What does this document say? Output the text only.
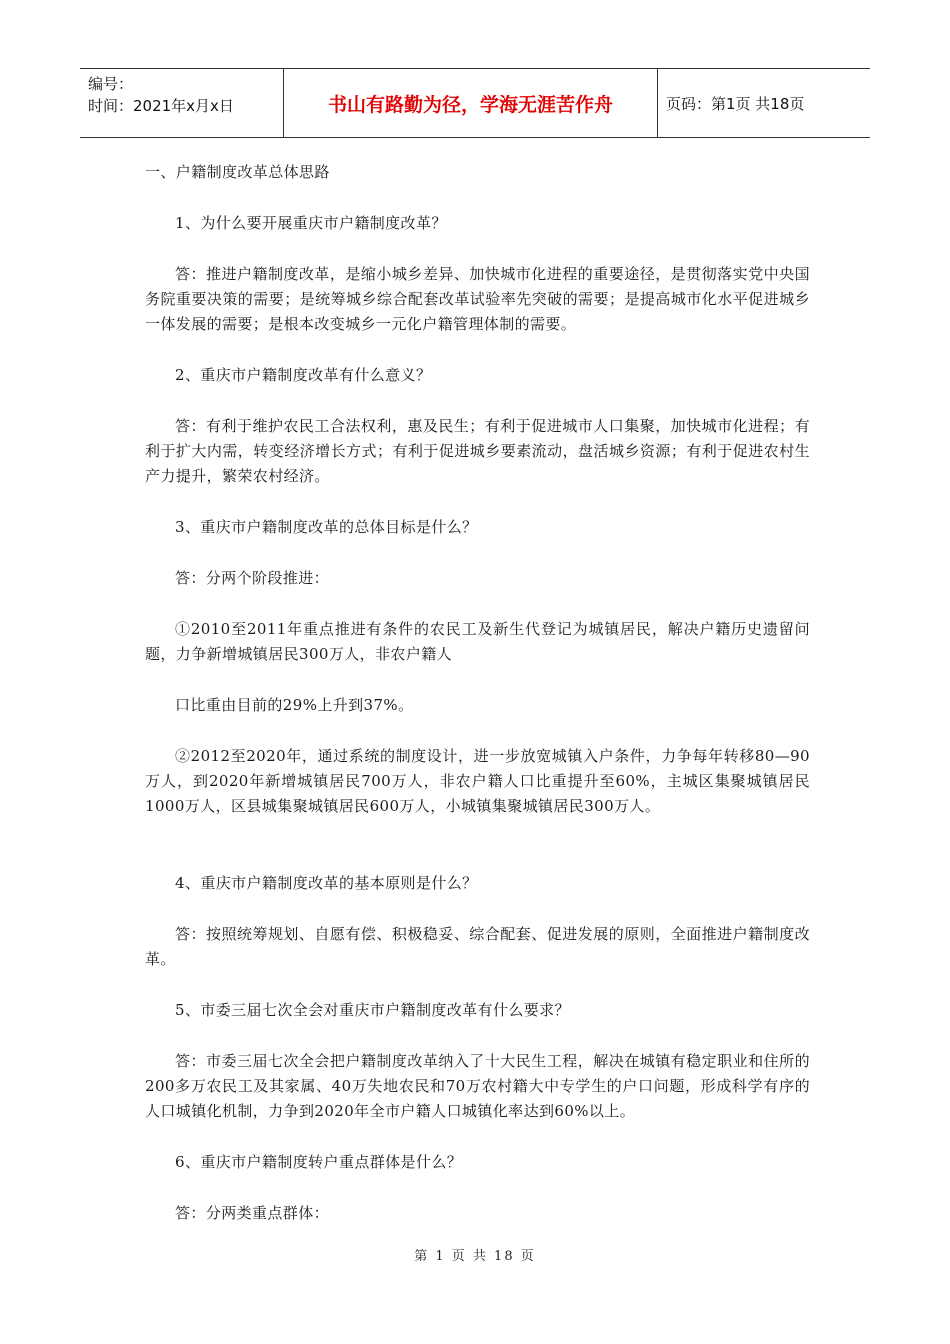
编号：
时间：2021年x月x日	书山有路勤为径，学海无涯苦作舟	页码：第1页 共18页

一、户籍制度改革总体思路

1、为什么要开展重庆市户籍制度改革？

答：推进户籍制度改革，是缩小城乡差异、加快城市化进程的重要途径，是贯彻落实党中央国务院重要决策的需要；是统筹城乡综合配套改革试验率先突破的需要；是提高城市化水平促进城乡一体发展的需要；是根本改变城乡一元化户籍管理体制的需要。

2、重庆市户籍制度改革有什么意义？

答：有利于维护农民工合法权利，惠及民生；有利于促进城市人口集聚，加快城市化进程；有利于扩大内需，转变经济增长方式；有利于促进城乡要素流动，盘活城乡资源；有利于促进农村生产力提升，繁荣农村经济。

3、重庆市户籍制度改革的总体目标是什么？

答：分两个阶段推进：

①2010至2011年重点推进有条件的农民工及新生代登记为城镇居民，解决户籍历史遗留问题，力争新增城镇居民300万人，非农户籍人

口比重由目前的29%上升到37%。

②2012至2020年，通过系统的制度设计，进一步放宽城镇入户条件，力争每年转移80—90万人，到2020年新增城镇居民700万人，非农户籍人口比重提升至60%，主城区集聚城镇居民1000万人，区县城集聚城镇居民600万人，小城镇集聚城镇居民300万人。

4、重庆市户籍制度改革的基本原则是什么？

答：按照统筹规划、自愿有偿、积极稳妥、综合配套、促进发展的原则，全面推进户籍制度改革。

5、市委三届七次全会对重庆市户籍制度改革有什么要求？

答：市委三届七次全会把户籍制度改革纳入了十大民生工程，解决在城镇有稳定职业和住所的200多万农民工及其家属、40万失地农民和70万农村籍大中专学生的户口问题，形成科学有序的人口城镇化机制，力争到2020年全市户籍人口城镇化率达到60%以上。

6、重庆市户籍制度转户重点群体是什么？

答：分两类重点群体：

第 1 页 共 18 页
